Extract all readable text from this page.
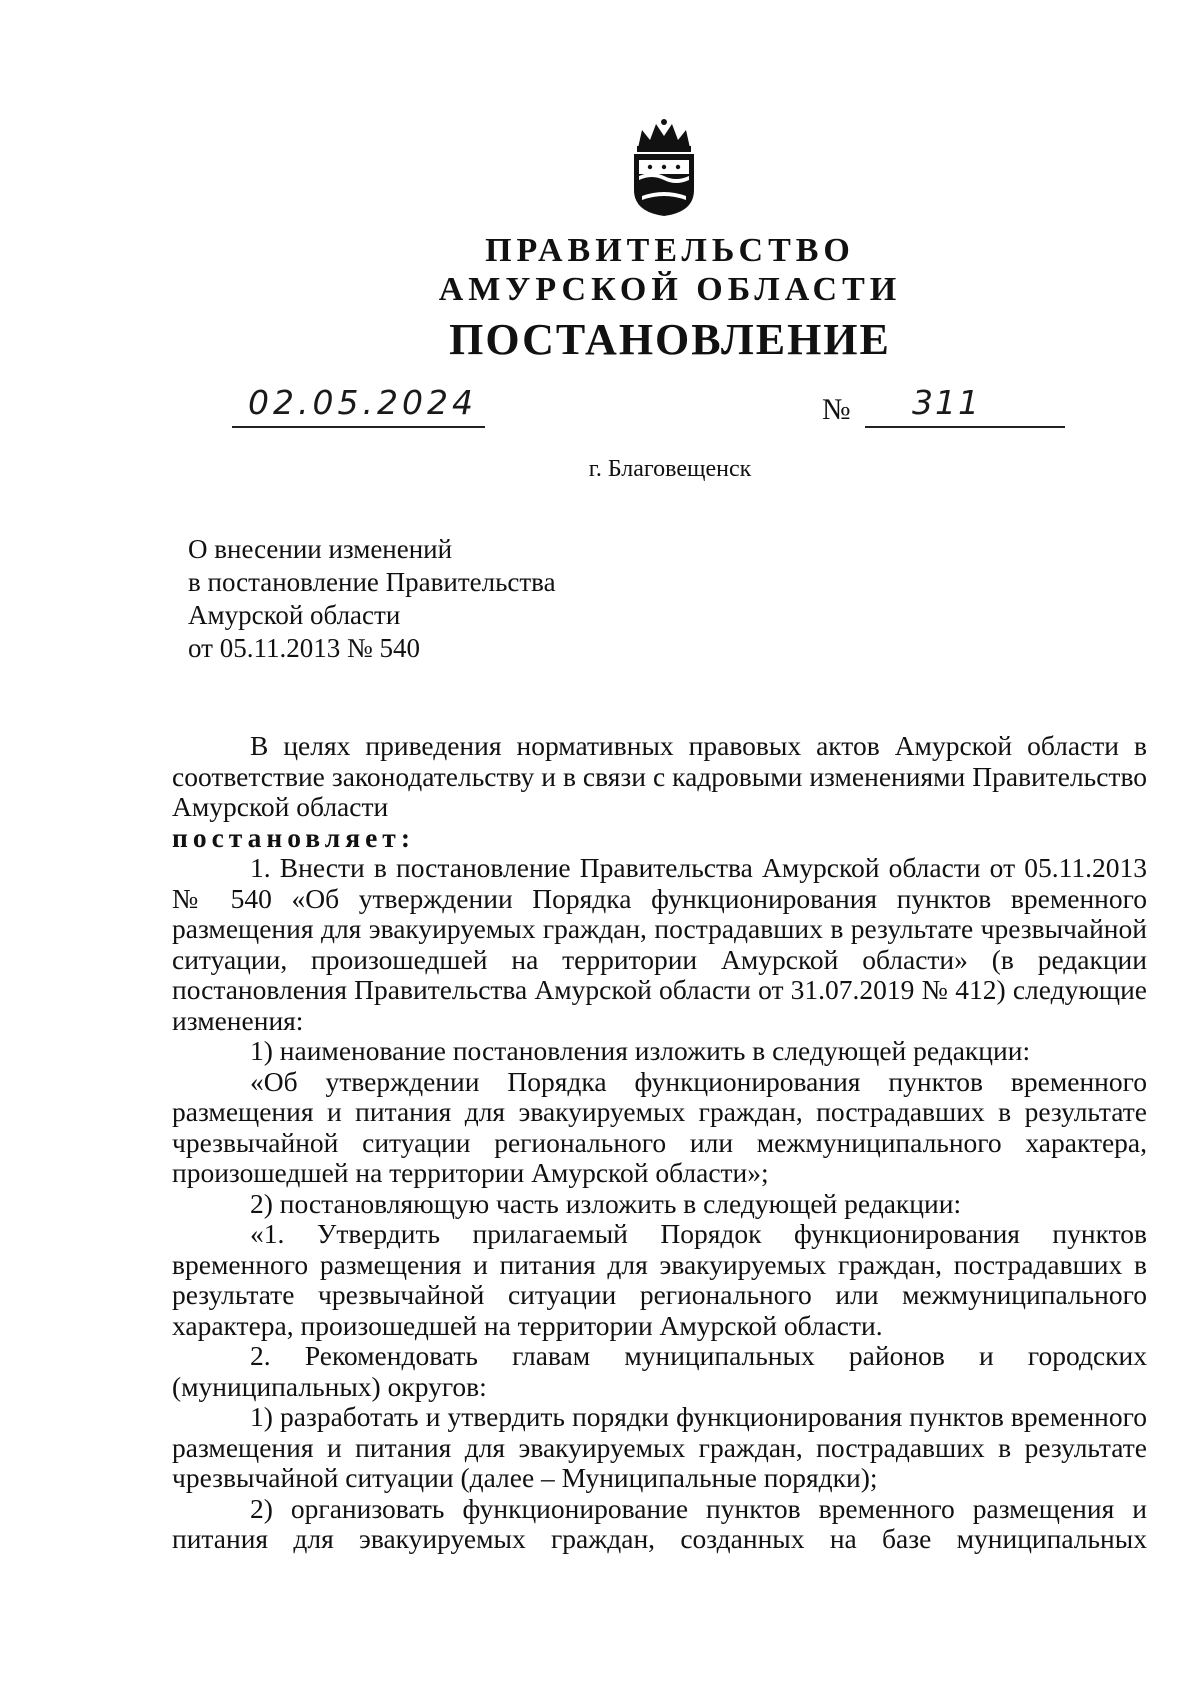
ПРАВИТЕЛЬСТВО
АМУРСКОЙ ОБЛАСТИ
ПОСТАНОВЛЕНИЕ
02.05.2024	№ 311
г. Благовещенск
О внесении изменений
в постановление Правительства
Амурской области
от 05.11.2013 № 540
В целях приведения нормативных правовых актов Амурской области в соответствие законодательству и в связи с кадровыми изменениями Правительство Амурской области
постановляет:
1. Внести в постановление Правительства Амурской области от 05.11.2013 № 540 «Об утверждении Порядка функционирования пунктов временного размещения для эвакуируемых граждан, пострадавших в результате чрезвычайной ситуации, произошедшей на территории Амурской области» (в редакции постановления Правительства Амурской области от 31.07.2019 № 412) следующие изменения:
1) наименование постановления изложить в следующей редакции:
«Об утверждении Порядка функционирования пунктов временного размещения и питания для эвакуируемых граждан, пострадавших в результате чрезвычайной ситуации регионального или межмуниципального характера, произошедшей на территории Амурской области»;
2) постановляющую часть изложить в следующей редакции:
«1. Утвердить прилагаемый Порядок функционирования пунктов временного размещения и питания для эвакуируемых граждан, пострадавших в результате чрезвычайной ситуации регионального или межмуниципального характера, произошедшей на территории Амурской области.
2. Рекомендовать главам муниципальных районов и городских (муниципальных) округов:
1) разработать и утвердить порядки функционирования пунктов временного размещения и питания для эвакуируемых граждан, пострадавших в результате чрезвычайной ситуации (далее – Муниципальные порядки);
2) организовать функционирование пунктов временного размещения и питания для эвакуируемых граждан, созданных на базе муниципальных
